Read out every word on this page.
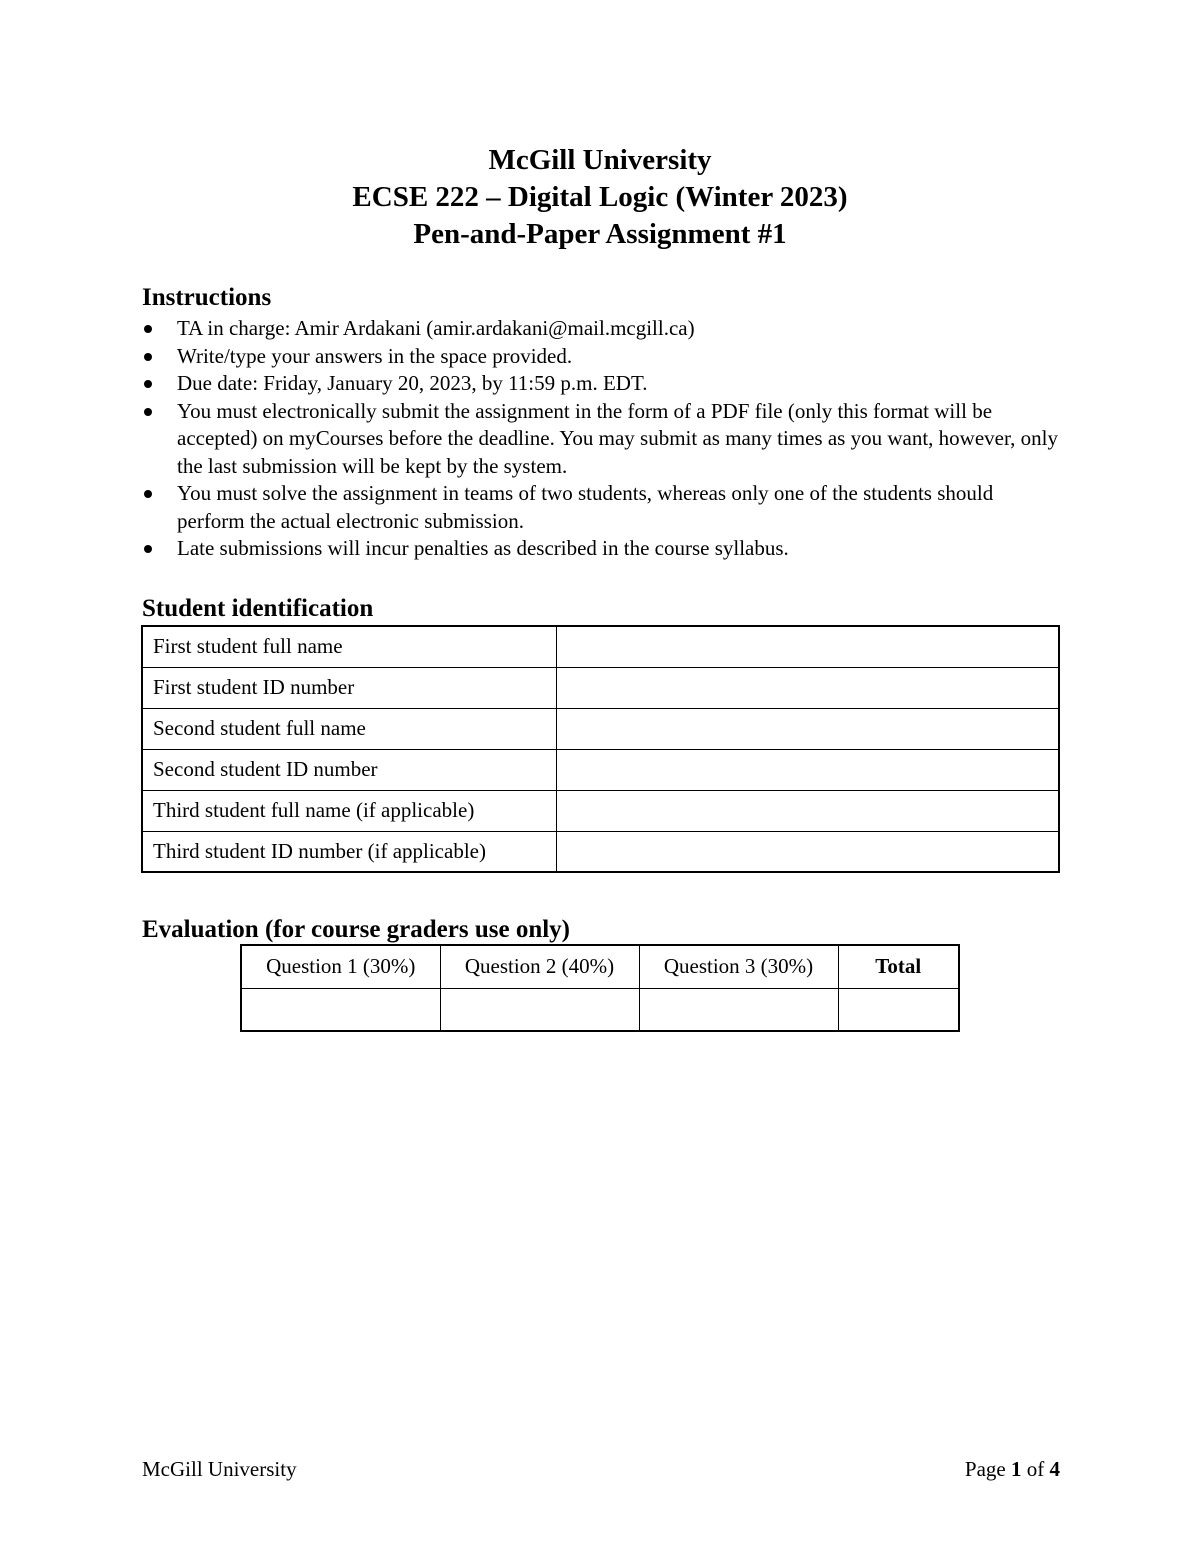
McGill University
ECSE 222 – Digital Logic (Winter 2023)
Pen-and-Paper Assignment #1
Instructions
TA in charge: Amir Ardakani (amir.ardakani@mail.mcgill.ca)
Write/type your answers in the space provided.
Due date: Friday, January 20, 2023, by 11:59 p.m. EDT.
You must electronically submit the assignment in the form of a PDF file (only this format will be accepted) on myCourses before the deadline. You may submit as many times as you want, however, only the last submission will be kept by the system.
You must solve the assignment in teams of two students, whereas only one of the students should perform the actual electronic submission.
Late submissions will incur penalties as described in the course syllabus.
Student identification
First student full name	
First student ID number	
Second student full name	
Second student ID number	
Third student full name (if applicable)	
Third student ID number (if applicable)	
Evaluation (for course graders use only)
Question 1 (30%)	Question 2 (40%)	Question 3 (30%)	Total

McGill University	Page 1 of 4
